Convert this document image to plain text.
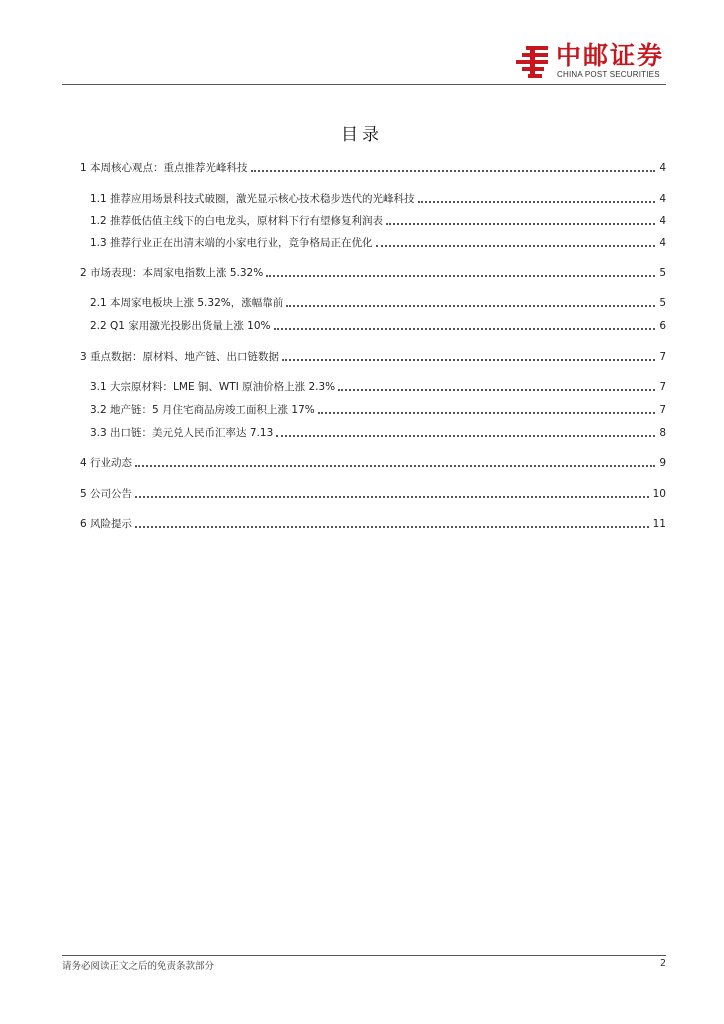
中邮证券
CHINA POST SECURITIES
目录
1 本周核心观点：重点推荐光峰科技	4
1.1 推荐应用场景科技式破圈，激光显示核心技术稳步迭代的光峰科技	4
1.2 推荐低估值主线下的白电龙头，原材料下行有望修复利润表	4
1.3 推荐行业正在出清末端的小家电行业，竞争格局正在优化	4
2 市场表现：本周家电指数上涨 5.32%	5
2.1 本周家电板块上涨 5.32%，涨幅靠前	5
2.2 Q1 家用激光投影出货量上涨 10%	6
3 重点数据：原材料、地产链、出口链数据	7
3.1 大宗原材料：LME 铜、WTI 原油价格上涨 2.3%	7
3.2 地产链：5 月住宅商品房竣工面积上涨 17%	7
3.3 出口链：美元兑人民币汇率达 7.13	8
4 行业动态	9
5 公司公告	10
6 风险提示	11
请务必阅读正文之后的免责条款部分	2
